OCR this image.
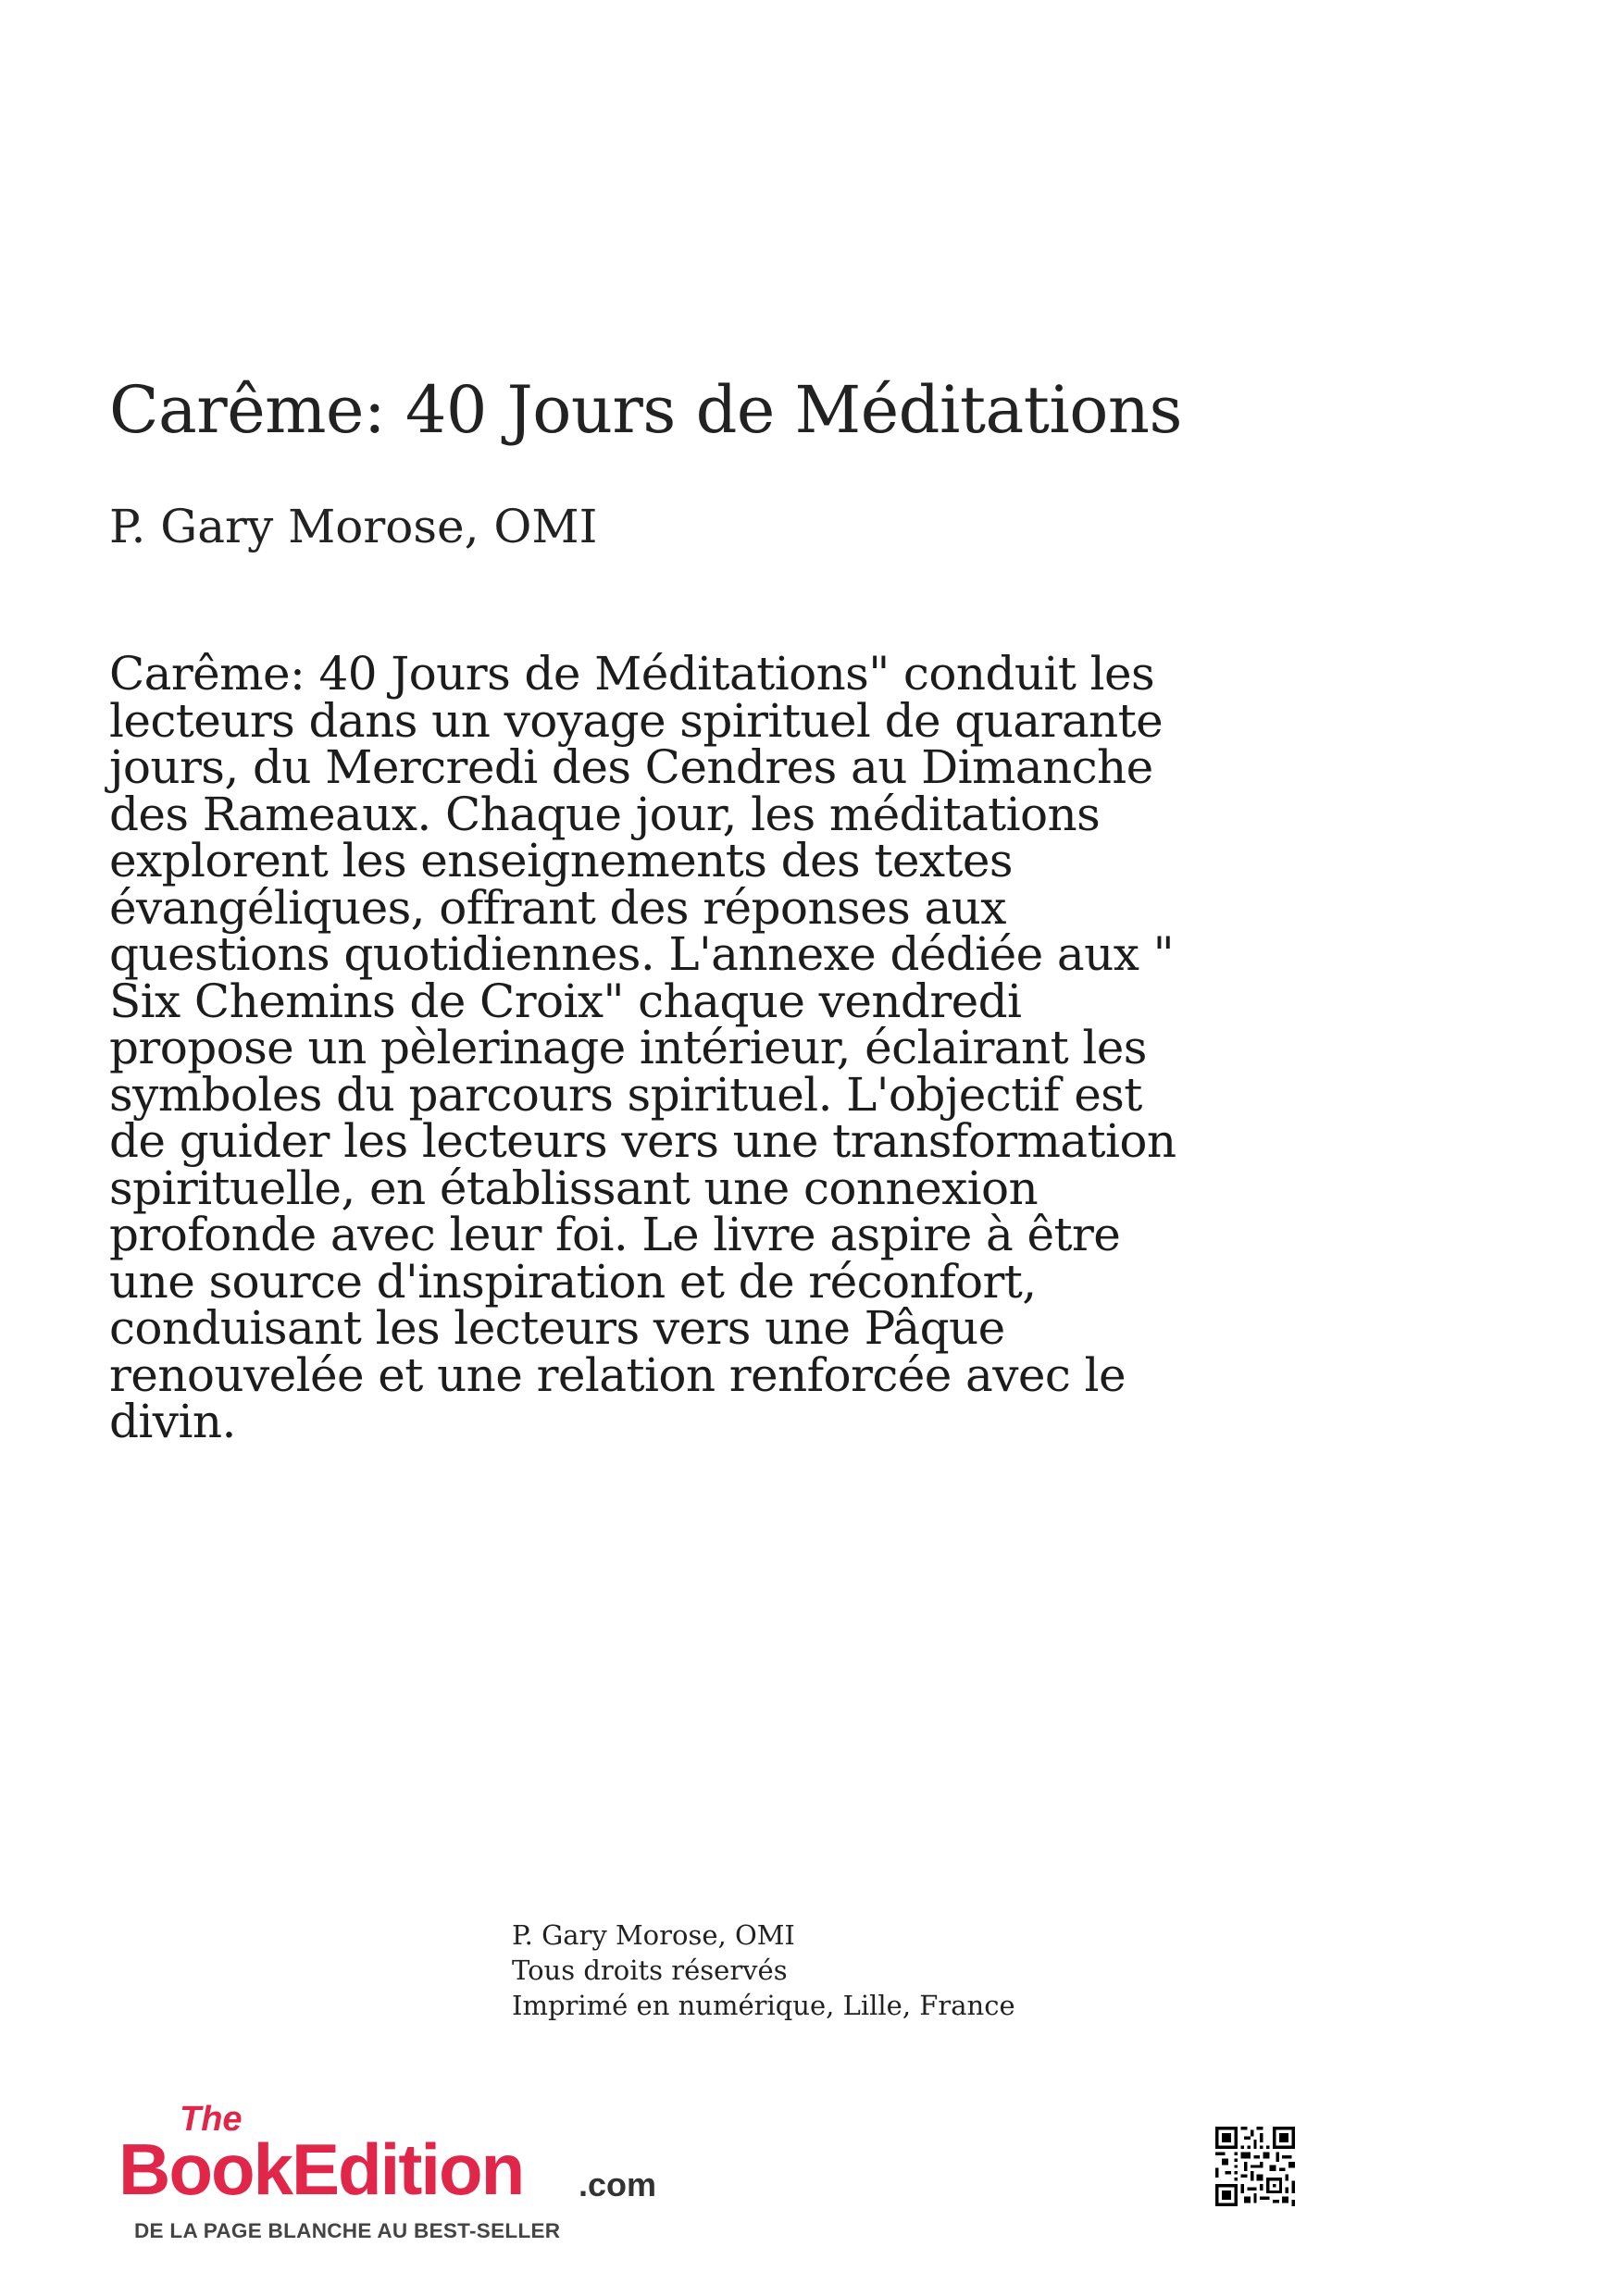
Carême: 40 Jours de Méditations

P. Gary Morose, OMI

Carême: 40 Jours de Méditations" conduit les
lecteurs dans un voyage spirituel de quarante
jours, du Mercredi des Cendres au Dimanche
des Rameaux. Chaque jour, les méditations
explorent les enseignements des textes
évangéliques, offrant des réponses aux
questions quotidiennes. L'annexe dédiée aux "
Six Chemins de Croix" chaque vendredi
propose un pèlerinage intérieur, éclairant les
symboles du parcours spirituel. L'objectif est
de guider les lecteurs vers une transformation
spirituelle, en établissant une connexion
profonde avec leur foi. Le livre aspire à être
une source d'inspiration et de réconfort,
conduisant les lecteurs vers une Pâque
renouvelée et une relation renforcée avec le
divin.
P. Gary Morose, OMI
Tous droits réservés
Imprimé en numérique, Lille, France
The
BookEdition .com
DE LA PAGE BLANCHE AU BEST-SELLER
